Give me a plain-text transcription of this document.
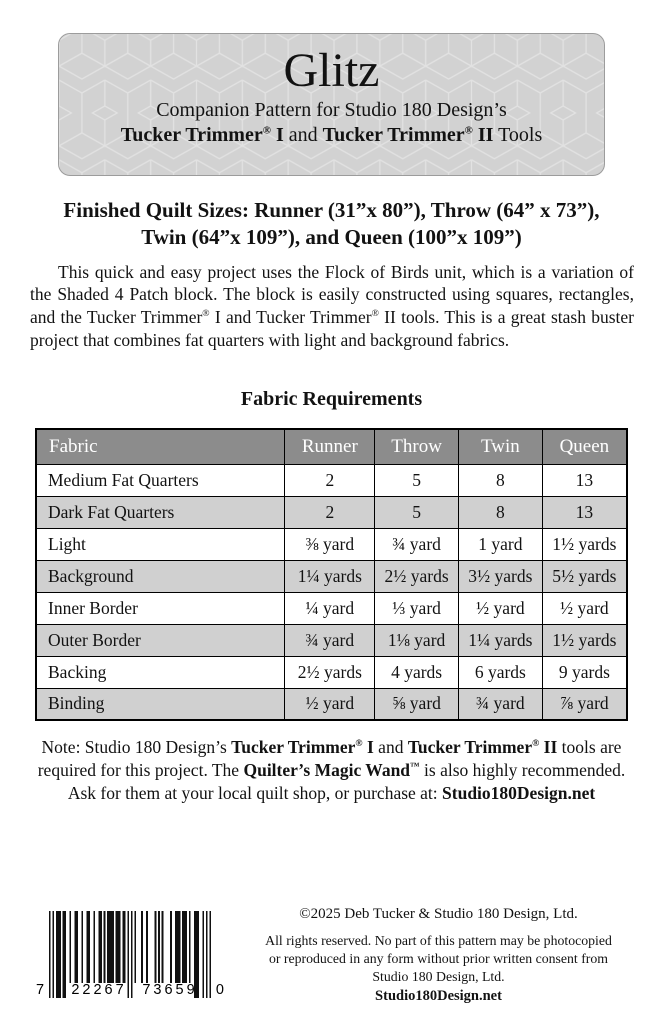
Glitz
Companion Pattern for Studio 180 Design’s
Tucker Trimmer® I and Tucker Trimmer® II Tools
Finished Quilt Sizes: Runner (31”x 80”), Throw (64” x 73”),
Twin (64”x 109”), and Queen (100”x 109”)

This quick and easy project uses the Flock of Birds unit, which is a variation of the Shaded 4 Patch block. The block is easily constructed using squares, rectangles, and the Tucker Trimmer® I and Tucker Trimmer® II tools. This is a great stash buster project that combines fat quarters with light and background fabrics.

Fabric Requirements
Fabric	Runner	Throw	Twin	Queen
Medium Fat Quarters	2	5	8	13
Dark Fat Quarters	2	5	8	13
Light	⅜ yard	¾ yard	1 yard	1½ yards
Background	1¼ yards	2½ yards	3½ yards	5½ yards
Inner Border	¼ yard	⅓ yard	½ yard	½ yard
Outer Border	¾ yard	1⅛ yard	1¼ yards	1½ yards
Backing	2½ yards	4 yards	6 yards	9 yards
Binding	½ yard	⅝ yard	¾ yard	⅞ yard
Note: Studio 180 Design’s Tucker Trimmer® I and Tucker Trimmer® II tools are
required for this project. The Quilter’s Magic Wand™ is also highly recommended.
Ask for them at your local quilt shop, or purchase at: Studio180Design.net
7 22267 73659 0
©2025 Deb Tucker & Studio 180 Design, Ltd.
All rights reserved. No part of this pattern may be photocopied
or reproduced in any form without prior written consent from
Studio 180 Design, Ltd.
Studio180Design.net
